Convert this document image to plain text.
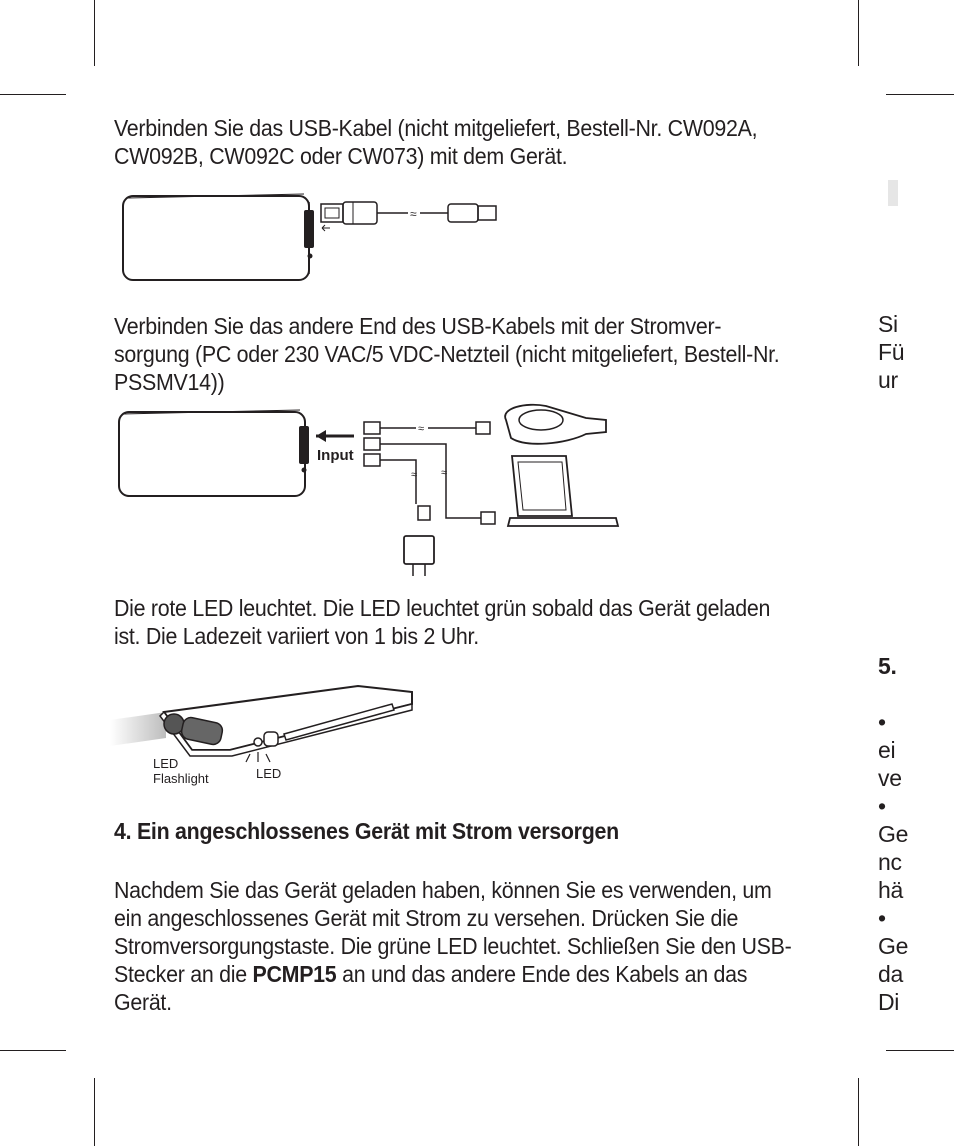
Verbinden Sie das USB-Kabel (nicht mitgeliefert, Bestell-Nr. CW092A, CW092B, CW092C oder CW073) mit dem Gerät.

≈

Verbinden Sie das andere End des USB-Kabels mit der Stromver-sorgung (PC oder 230 VAC/5 VDC-Netzteil (nicht mitgeliefert, Bestell-Nr. PSSMV14))

Input
≈
≈
≈

Die rote LED leuchtet. Die LED leuchtet grün sobald das Gerät geladen ist. Die Ladezeit variiert von 1 bis 2 Uhr.

LED
Flashlight	LED
4. Ein angeschlossenes Gerät mit Strom versorgen

Nachdem Sie das Gerät geladen haben, können Sie es verwenden, um ein angeschlossenes Gerät mit Strom zu versehen. Drücken Sie die Stromversorgungstaste. Die grüne LED leuchtet. Schließen Sie den USB-Stecker an die PCMP15 an und das andere Ende des Kabels an das Gerät.

Si
Fü
ur
5.
•
ei
ve
•
Ge
nc
hä
•
Ge
da
Di
